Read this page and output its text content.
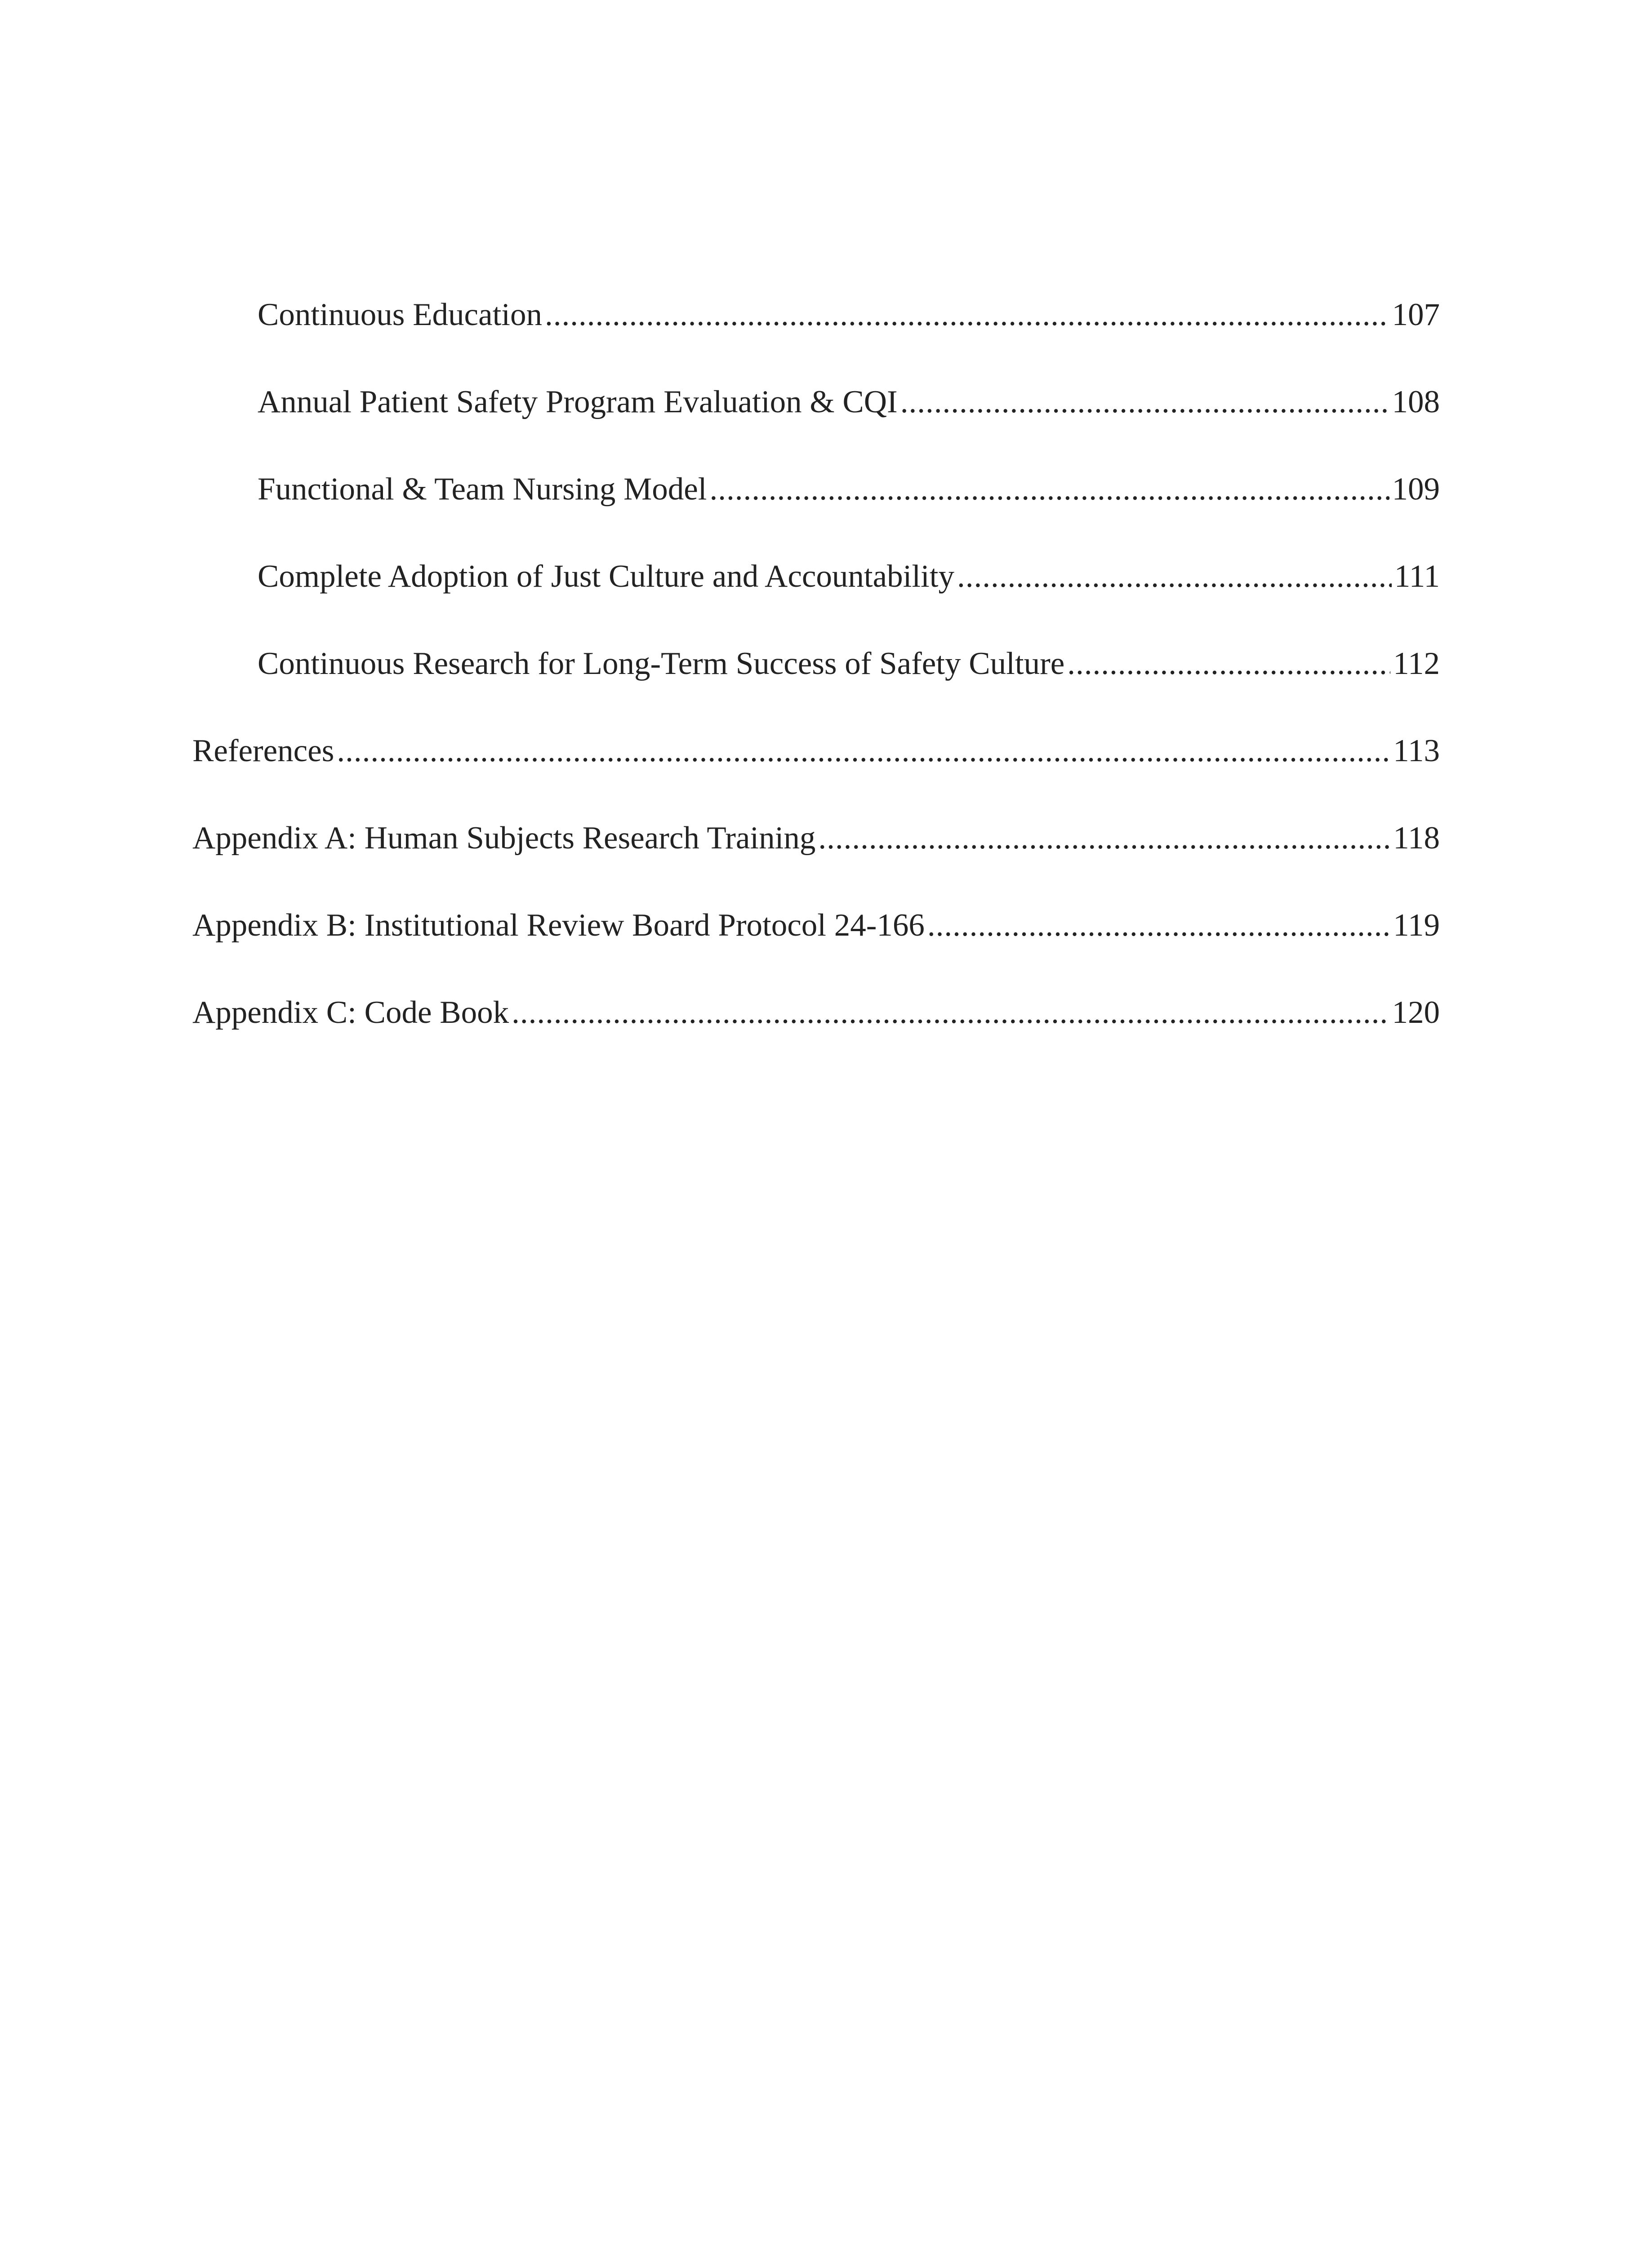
Continuous Education .....	107
Annual Patient Safety Program Evaluation & CQI .....	108
Functional & Team Nursing Model .....	109
Complete Adoption of Just Culture and Accountability .....	111
Continuous Research for Long-Term Success of Safety Culture .....	112
References .....	113
Appendix A: Human Subjects Research Training .....	118
Appendix B: Institutional Review Board Protocol 24-166 .....	119
Appendix C: Code Book .....	120
